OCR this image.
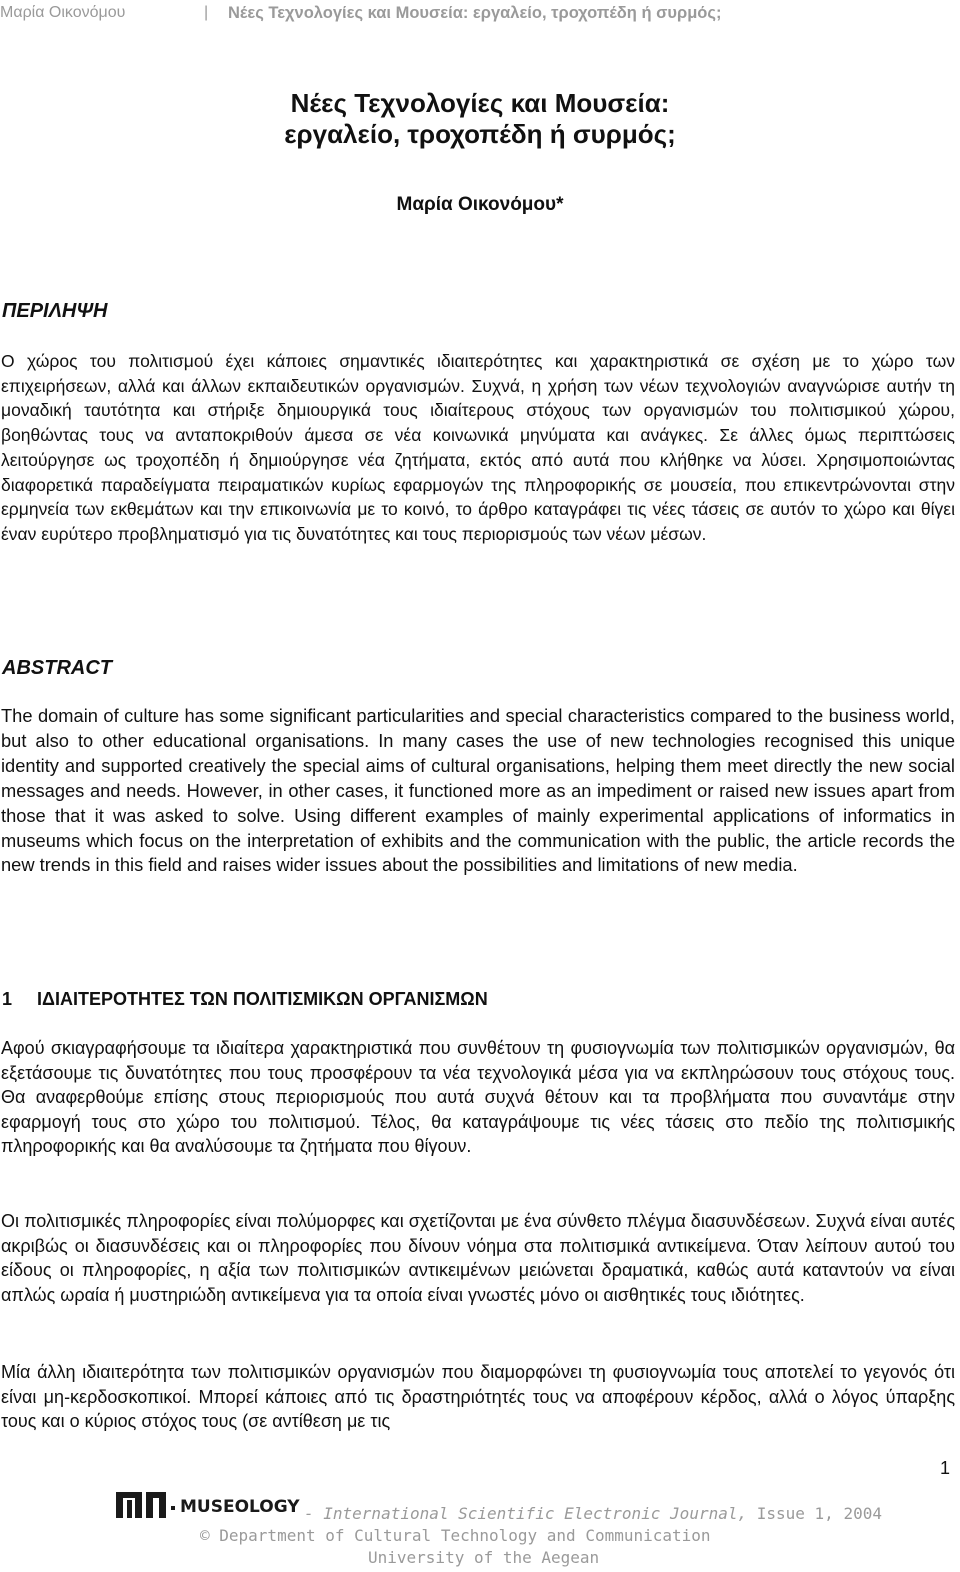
Μαρία Οικονόμου	| Νέες Τεχνολογίες και Μουσεία: εργαλείο, τροχοπέδη ή συρμός;
Νέες Τεχνολογίες και Μουσεία:
εργαλείο, τροχοπέδη ή συρμός;
Μαρία Οικονόμου*
ΠΕΡΙΛΗΨΗ

Ο χώρος του πολιτισμού έχει κάποιες σημαντικές ιδιαιτερότητες και χαρακτηριστικά σε σχέση με το χώρο των επιχειρήσεων, αλλά και άλλων εκπαιδευτικών οργανισμών. Συχνά, η χρήση των νέων τεχνολογιών αναγνώρισε αυτήν τη μοναδική ταυτότητα και στήριξε δημιουργικά τους ιδιαίτερους στόχους των οργανισμών του πολιτισμικού χώρου, βοηθώντας τους να ανταποκριθούν άμεσα σε νέα κοινωνικά μηνύματα και ανάγκες. Σε άλλες όμως περιπτώσεις λειτούργησε ως τροχοπέδη ή δημιούργησε νέα ζητήματα, εκτός από αυτά που κλήθηκε να λύσει. Χρησιμοποιώντας διαφορετικά παραδείγματα πειραματικών κυρίως εφαρμογών της πληροφορικής σε μουσεία, που επικεντρώνονται στην ερμηνεία των εκθεμάτων και την επικοινωνία με το κοινό, το άρθρο καταγράφει τις νέες τάσεις σε αυτόν το χώρο και θίγει έναν ευρύτερο προβληματισμό για τις δυνατότητες και τους περιορισμούς των νέων μέσων.

ABSTRACT

The domain of culture has some significant particularities and special characteristics compared to the business world, but also to other educational organisations. In many cases the use of new technologies recognised this unique identity and supported creatively the special aims of cultural organisations, helping them meet directly the new social messages and needs. However, in other cases, it functioned more as an impediment or raised new issues apart from those that it was asked to solve. Using different examples of mainly experimental applications of informatics in museums which focus on the interpretation of exhibits and the communication with the public, the article records the new trends in this field and raises wider issues about the possibilities and limitations of new media.

1     ΙΔΙΑΙΤΕΡΟΤΗΤΕΣ ΤΩΝ ΠΟΛΙΤΙΣΜΙΚΩΝ ΟΡΓΑΝΙΣΜΩΝ

Αφού σκιαγραφήσουμε τα ιδιαίτερα χαρακτηριστικά που συνθέτουν τη φυσιογνωμία των πολιτισμικών οργανισμών, θα εξετάσουμε τις δυνατότητες που τους προσφέρουν τα νέα τεχνολογικά μέσα για να εκπληρώσουν τους στόχους τους. Θα αναφερθούμε επίσης στους περιορισμούς που αυτά συχνά θέτουν και τα προβλήματα που συναντάμε στην εφαρμογή τους στο χώρο του πολιτισμού. Τέλος, θα καταγράψουμε τις νέες τάσεις στο πεδίο της πολιτισμικής πληροφορικής και θα αναλύσουμε τα ζητήματα που θίγουν.

Οι πολιτισμικές πληροφορίες είναι πολύμορφες και σχετίζονται με ένα σύνθετο πλέγμα διασυνδέσεων. Συχνά είναι αυτές ακριβώς οι διασυνδέσεις και οι πληροφορίες που δίνουν νόημα στα πολιτισμικά αντικείμενα. Όταν λείπουν αυτού του είδους οι πληροφορίες, η αξία των πολιτισμικών αντικειμένων μειώνεται δραματικά, καθώς αυτά καταντούν να είναι απλώς ωραία ή μυστηριώδη αντικείμενα για τα οποία είναι γνωστές μόνο οι αισθητικές τους ιδιότητες.

Μία άλλη ιδιαιτερότητα των πολιτισμικών οργανισμών που διαμορφώνει τη φυσιογνωμία τους αποτελεί το γεγονός ότι είναι μη-κερδοσκοπικοί. Μπορεί κάποιες από τις δραστηριότητές τους να αποφέρουν κέρδος, αλλά ο λόγος ύπαρξης τους και ο κύριος στόχος τους (σε αντίθεση με τις

1
MUSEOLOGY - International Scientific Electronic Journal, Issue 1, 2004
© Department of Cultural Technology and Communication
University of the Aegean
